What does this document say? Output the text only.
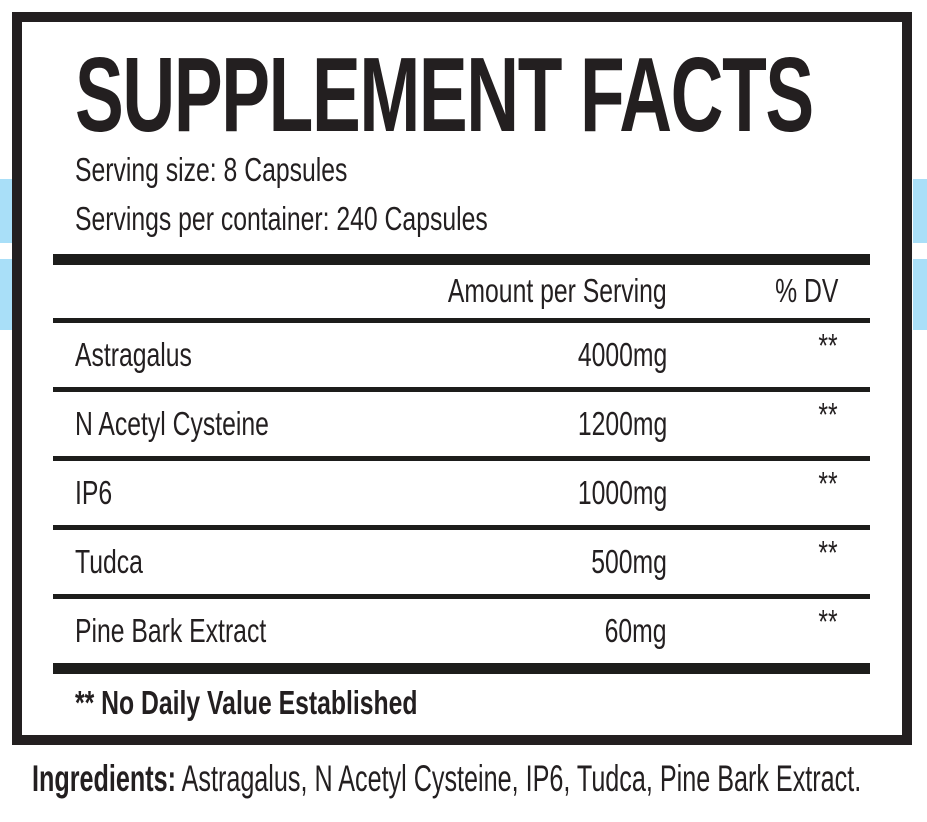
SUPPLEMENT FACTS
Serving size: 8 Capsules
Servings per container: 240 Capsules
Amount per Serving	% DV
Astragalus	4000mg	**
N Acetyl Cysteine	1200mg	**
IP6	1000mg	**
Tudca	500mg	**
Pine Bark Extract	60mg	**
** No Daily Value Established

Ingredients: Astragalus, N Acetyl Cysteine, IP6, Tudca, Pine Bark Extract.
